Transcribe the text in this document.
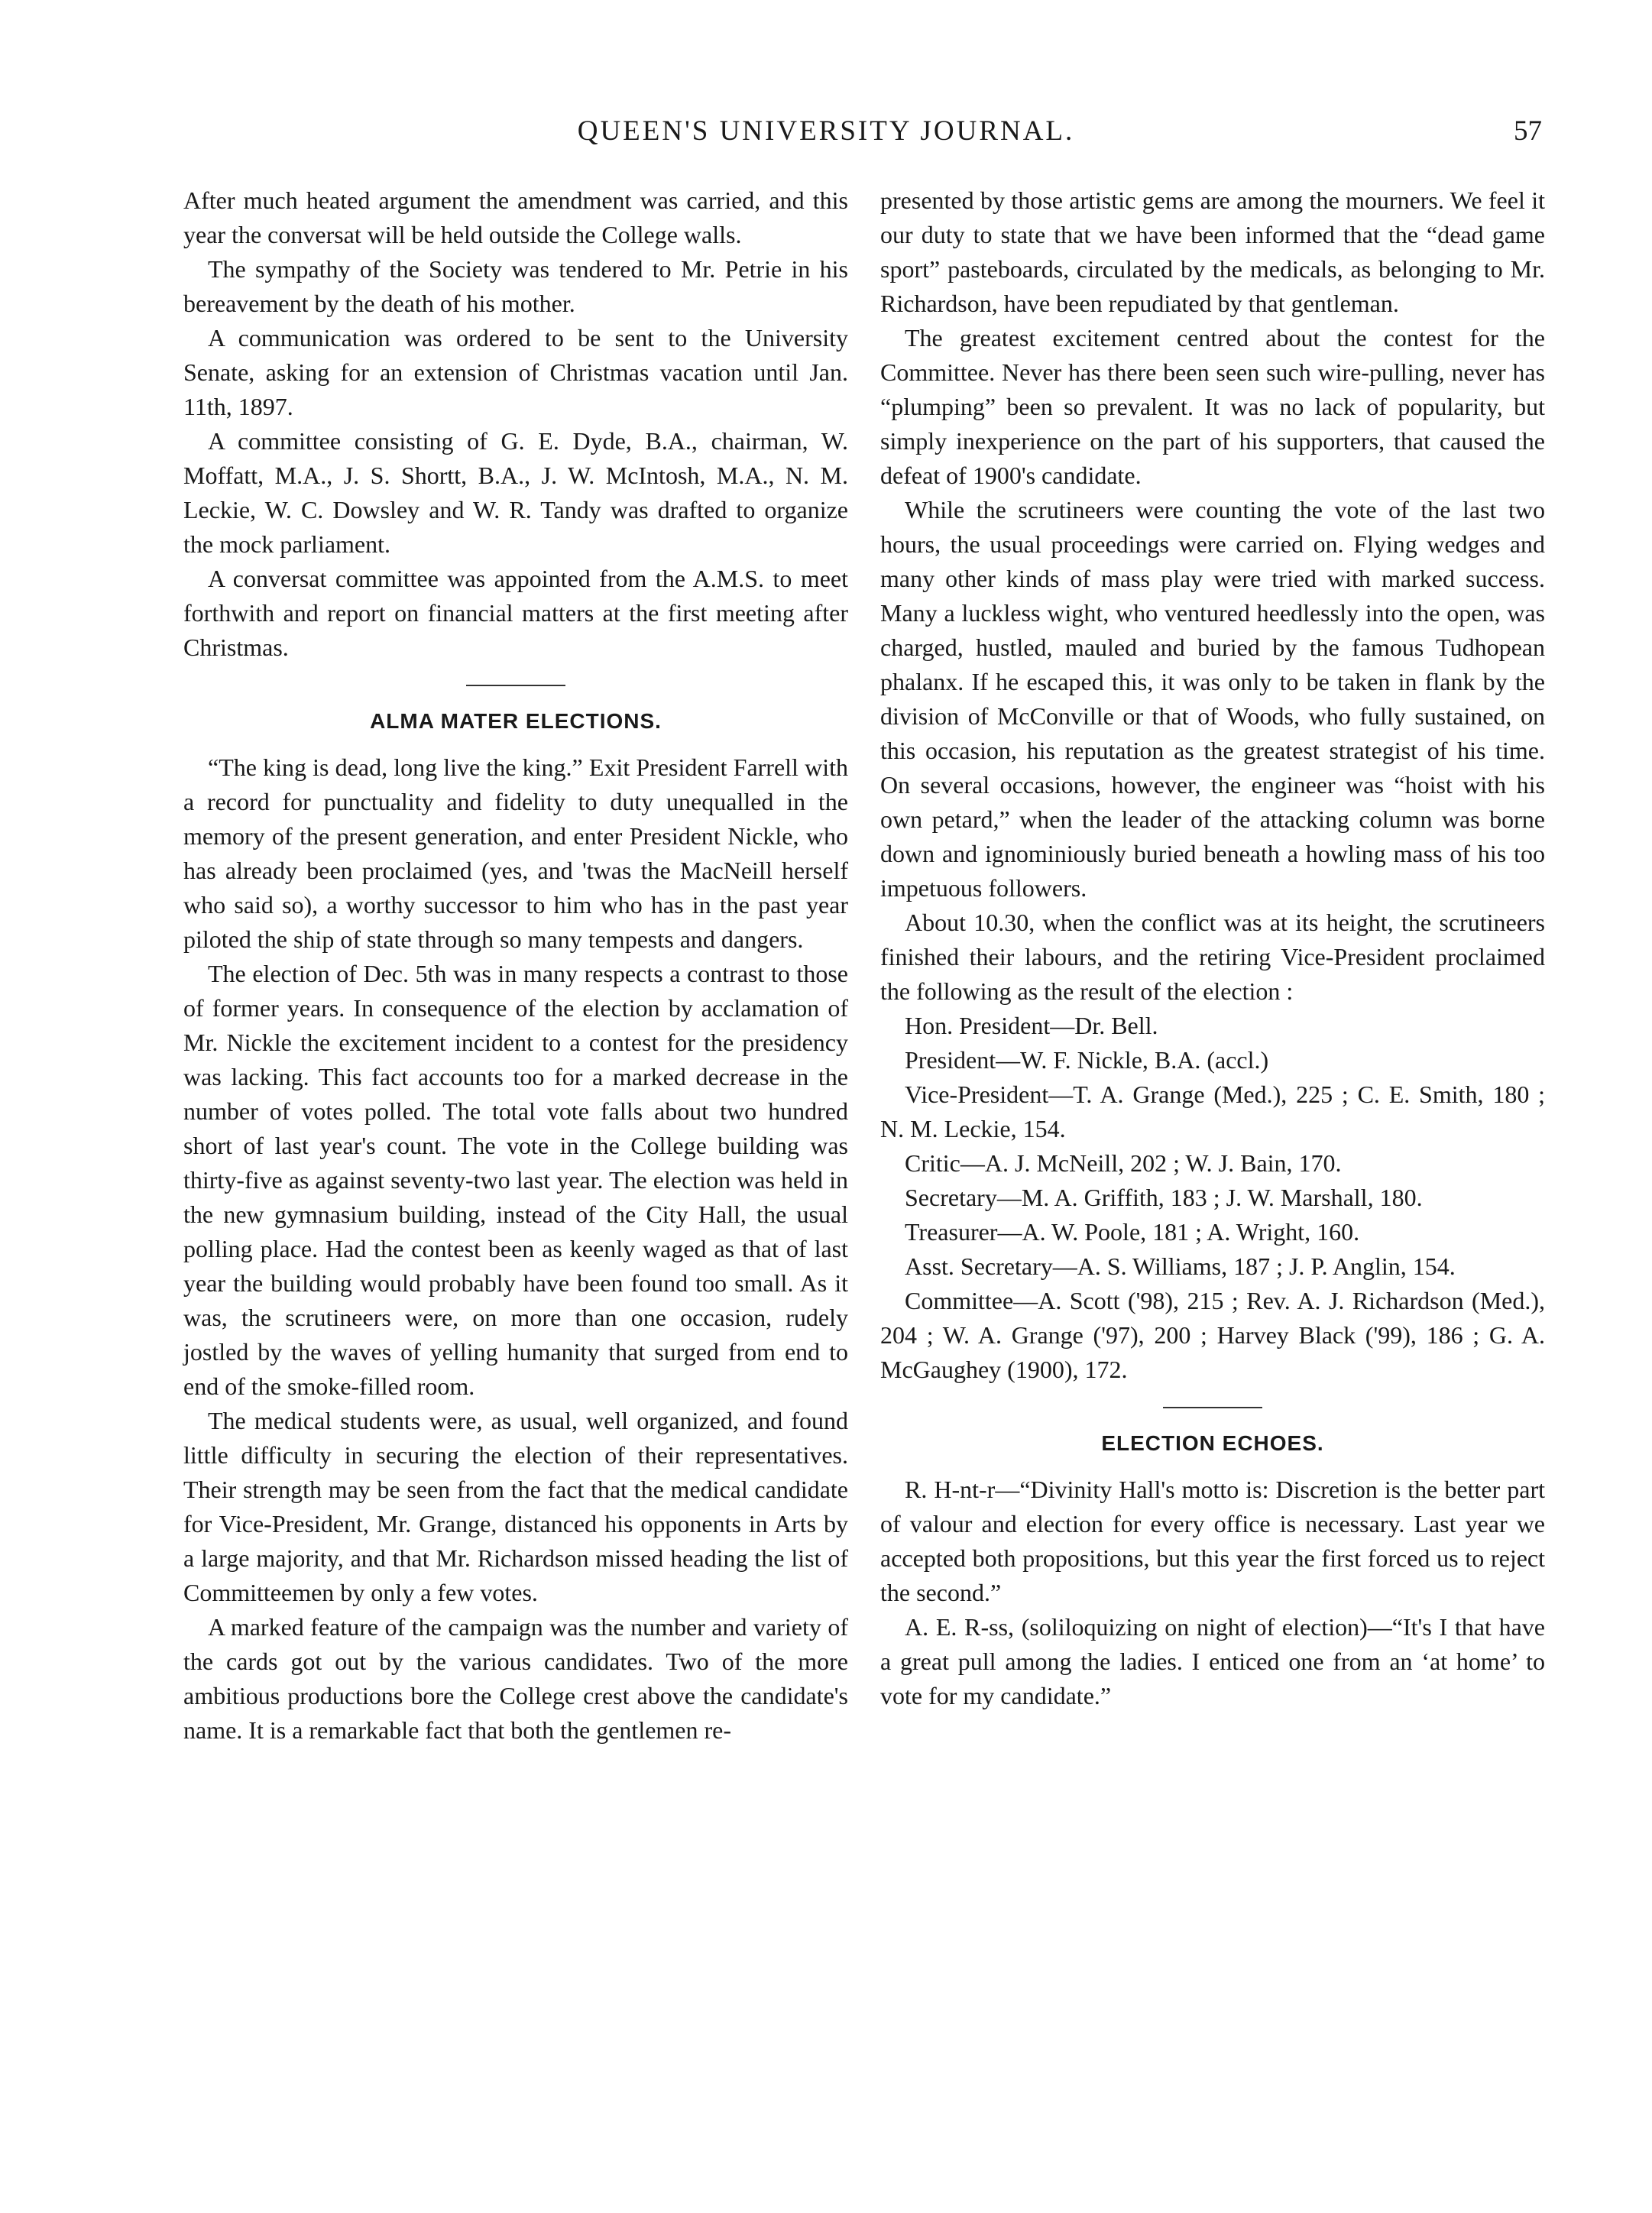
QUEEN'S UNIVERSITY JOURNAL.	57

After much heated argument the amendment was carried, and this year the conversat will be held outside the College walls.

The sympathy of the Society was tendered to Mr. Petrie in his bereavement by the death of his mother.

A communication was ordered to be sent to the University Senate, asking for an extension of Christmas vacation until Jan. 11th, 1897.

A committee consisting of G. E. Dyde, B.A., chairman, W. Moffatt, M.A., J. S. Shortt, B.A., J. W. McIntosh, M.A., N. M. Leckie, W. C. Dowsley and W. R. Tandy was drafted to organize the mock parliament.

A conversat committee was appointed from the A.M.S. to meet forthwith and report on financial matters at the first meeting after Christmas.

ALMA MATER ELECTIONS.

“The king is dead, long live the king.” Exit President Farrell with a record for punctuality and fidelity to duty unequalled in the memory of the present generation, and enter President Nickle, who has already been proclaimed (yes, and 'twas the MacNeill herself who said so), a worthy successor to him who has in the past year piloted the ship of state through so many tempests and dangers.

The election of Dec. 5th was in many respects a contrast to those of former years. In consequence of the election by acclamation of Mr. Nickle the excitement incident to a contest for the presidency was lacking. This fact accounts too for a marked decrease in the number of votes polled. The total vote falls about two hundred short of last year's count. The vote in the College building was thirty-five as against seventy-two last year. The election was held in the new gymnasium building, instead of the City Hall, the usual polling place. Had the contest been as keenly waged as that of last year the building would probably have been found too small. As it was, the scrutineers were, on more than one occasion, rudely jostled by the waves of yelling humanity that surged from end to end of the smoke-filled room.

The medical students were, as usual, well organized, and found little difficulty in securing the election of their representatives. Their strength may be seen from the fact that the medical candidate for Vice-President, Mr. Grange, distanced his opponents in Arts by a large majority, and that Mr. Richardson missed heading the list of Committeemen by only a few votes.

A marked feature of the campaign was the number and variety of the cards got out by the various candidates. Two of the more ambitious productions bore the College crest above the candidate's name. It is a remarkable fact that both the gentlemen re-

presented by those artistic gems are among the mourners. We feel it our duty to state that we have been informed that the “dead game sport” pasteboards, circulated by the medicals, as belonging to Mr. Richardson, have been repudiated by that gentleman.

The greatest excitement centred about the contest for the Committee. Never has there been seen such wire-pulling, never has “plumping” been so prevalent. It was no lack of popularity, but simply inexperience on the part of his supporters, that caused the defeat of 1900's candidate.

While the scrutineers were counting the vote of the last two hours, the usual proceedings were carried on. Flying wedges and many other kinds of mass play were tried with marked success. Many a luckless wight, who ventured heedlessly into the open, was charged, hustled, mauled and buried by the famous Tudhopean phalanx. If he escaped this, it was only to be taken in flank by the division of McConville or that of Woods, who fully sustained, on this occasion, his reputation as the greatest strategist of his time. On several occasions, however, the engineer was “hoist with his own petard,” when the leader of the attacking column was borne down and ignominiously buried beneath a howling mass of his too impetuous followers.

About 10.30, when the conflict was at its height, the scrutineers finished their labours, and the retiring Vice-President proclaimed the following as the result of the election :

Hon. President—Dr. Bell.

President—W. F. Nickle, B.A. (accl.)

Vice-President—T. A. Grange (Med.), 225 ; C. E. Smith, 180 ; N. M. Leckie, 154.

Critic—A. J. McNeill, 202 ; W. J. Bain, 170.

Secretary—M. A. Griffith, 183 ; J. W. Marshall, 180.

Treasurer—A. W. Poole, 181 ; A. Wright, 160.

Asst. Secretary—A. S. Williams, 187 ; J. P. Anglin, 154.

Committee—A. Scott ('98), 215 ; Rev. A. J. Richardson (Med.), 204 ; W. A. Grange ('97), 200 ; Harvey Black ('99), 186 ; G. A. McGaughey (1900), 172.

ELECTION ECHOES.

R. H-nt-r—“Divinity Hall's motto is: Discretion is the better part of valour and election for every office is necessary. Last year we accepted both propositions, but this year the first forced us to reject the second.”

A. E. R-ss, (soliloquizing on night of election)—“It's I that have a great pull among the ladies. I enticed one from an ‘at home’ to vote for my candidate.”
